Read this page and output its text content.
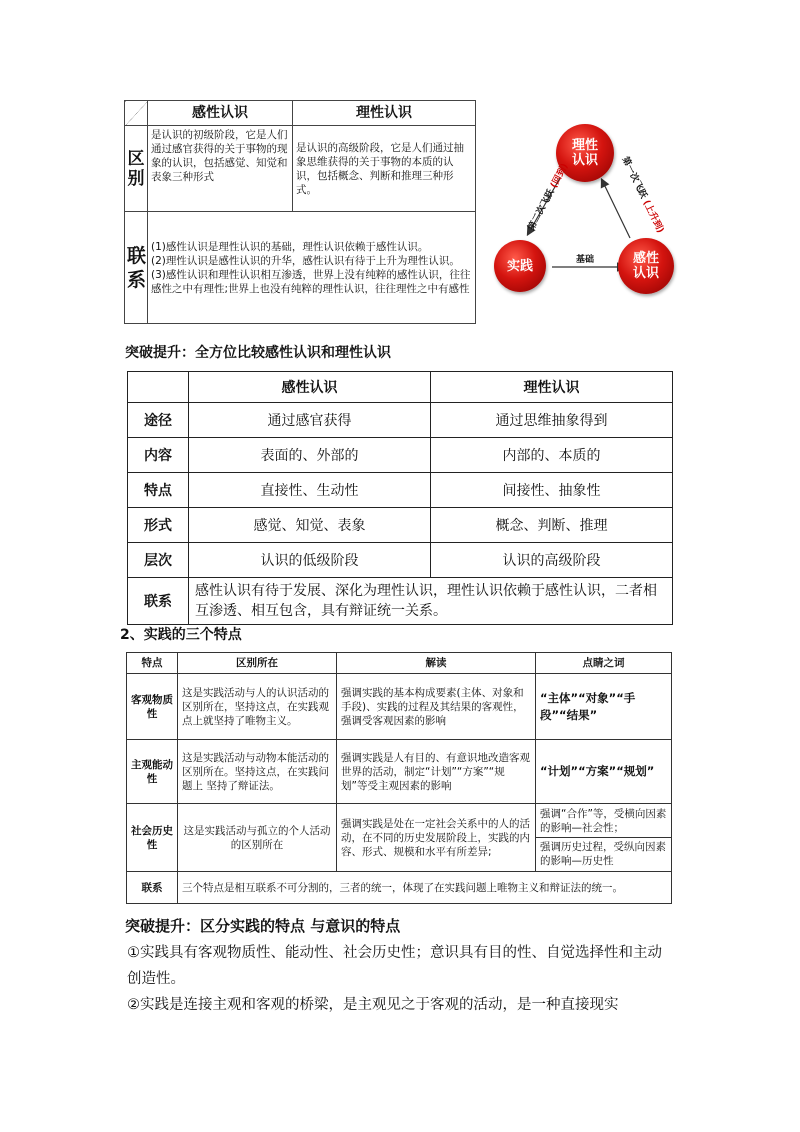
	感性认识	理性认识
区别	是认识的初级阶段，它是人们通过感官获得的关于事物的现象的认识，包括感觉、知觉和表象三种形式	是认识的高级阶段，它是人们通过抽象思维获得的关于事物的本质的认识，包括概念、判断和推理三种形式。
联系	(1)感性认识是理性认识的基础，理性认识依赖于感性认识。
(2)理性认识是感性认识的升华，感性认识有待于上升为理性认识。
(3)感性认识和理性认识相互渗透，世界上没有纯粹的感性认识，往往感性之中有理性;世界上也没有纯粹的理性认识，往往理性之中有感性	
理性认识
实践	感性认识
第二次飞跃 (回到)	第一次飞跃 (上升到)
基础
突破提升：全方位比较感性认识和理性认识
	感性认识	理性认识
途径	通过感官获得	通过思维抽象得到
内容	表面的、外部的	内部的、本质的
特点	直接性、生动性	间接性、抽象性
形式	感觉、知觉、表象	概念、判断、推理
层次	认识的低级阶段	认识的高级阶段
联系	感性认识有待于发展、深化为理性认识，理性认识依赖于感性认识，二者相互渗透、相互包含，具有辩证统一关系。	
2、实践的三个特点
特点	区别所在	解读	点睛之词
客观物质性	这是实践活动与人的认识活动的区别所在，坚持这点，在实践观点上就坚持了唯物主义。	强调实践的基本构成要素(主体、对象和手段)、实践的过程及其结果的客观性，强调受客观因素的影响	“主体”“对象”“手段”“结果”
主观能动性	这是实践活动与动物本能活动的区别所在。坚持这点，在实践问题上 坚持了辩证法。	强调实践是人有目的、有意识地改造客观世界的活动，制定“计划”“方案”“规划”等受主观因素的影响	“计划”“方案”“规划”
社会历史性	这是实践活动与孤立的个人活动的区别所在	强调实践是处在一定社会关系中的人的活动，在不同的历史发展阶段上，实践的内容、形式、规模和水平有所差异;	强调“合作”等，受横向因素的影响—社会性；
强调历史过程，受纵向因素的影响—历史性

联系	三个特点是相互联系不可分割的，三者的统一，体现了在实践问题上唯物主义和辩证法的统一。		
突破提升：区分实践的特点 与意识的特点
①实践具有客观物质性、能动性、社会历史性；意识具有目的性、自觉选择性和主动创造性。
②实践是连接主观和客观的桥梁，是主观见之于客观的活动，是一种直接现实
